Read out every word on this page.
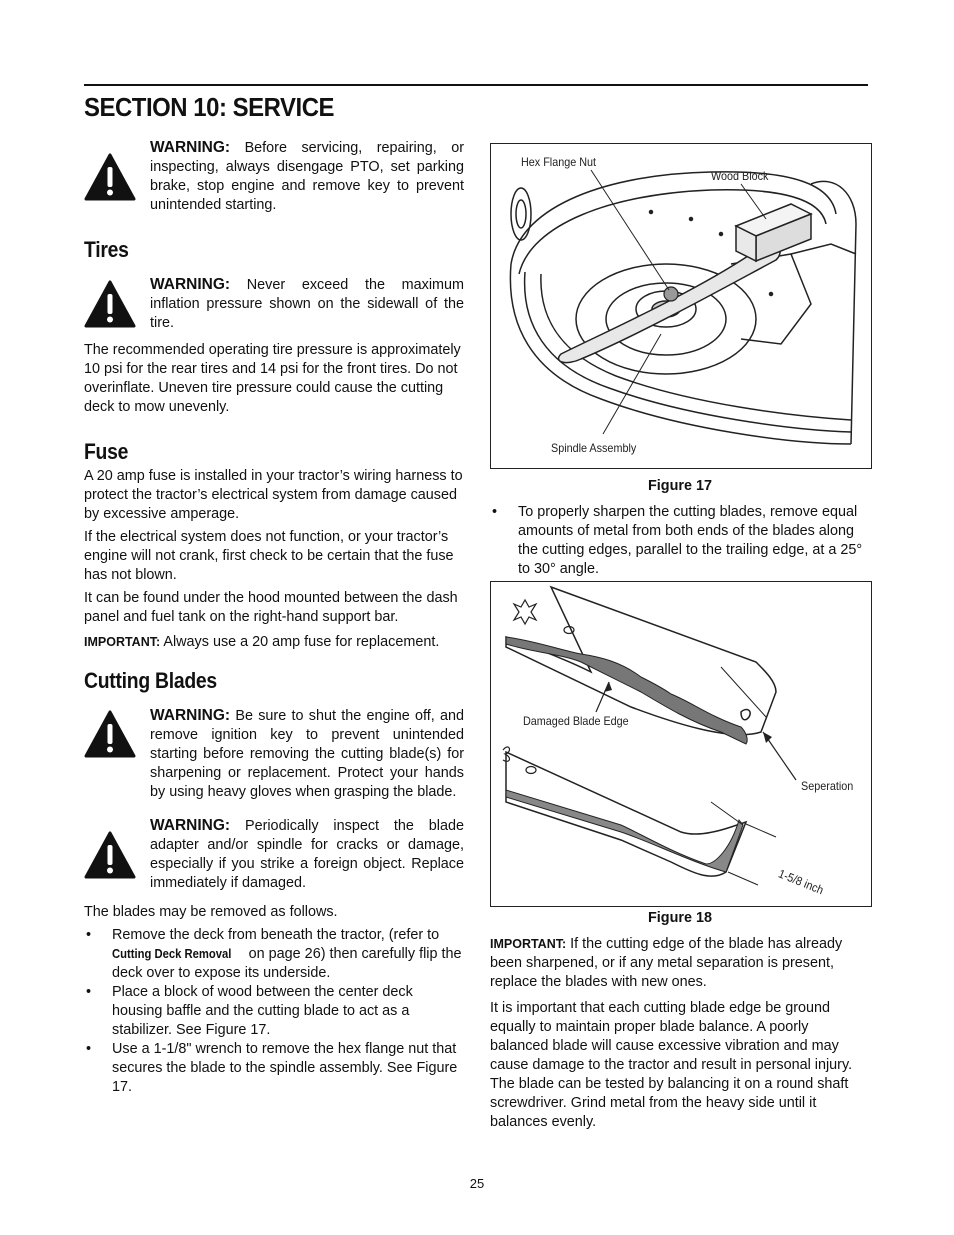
SECTION 10: SERVICE
WARNING: Before servicing, repairing, or inspecting, always disengage PTO, set parking brake, stop engine and remove key to prevent unintended starting.
Tires
WARNING: Never exceed the maximum inflation pressure shown on the sidewall of the tire.

The recommended operating tire pressure is approximately 10 psi for the rear tires and 14 psi for the front tires. Do not overinflate. Uneven tire pressure could cause the cutting deck to mow unevenly.

Fuse

A 20 amp fuse is installed in your tractor’s wiring harness to protect the tractor’s electrical system from damage caused by excessive amperage.

If the electrical system does not function, or your tractor’s engine will not crank, first check to be certain that the fuse has not blown.

It can be found under the hood mounted between the dash panel and fuel tank on the right-hand support bar.

IMPORTANT: Always use a 20 amp fuse for replacement.

Cutting Blades
WARNING: Be sure to shut the engine off, and remove ignition key to prevent unintended starting before removing the cutting blade(s) for sharpening or replacement. Protect your hands by using heavy gloves when grasping the blade.
WARNING: Periodically inspect the blade adapter and/or spindle for cracks or damage, especially if you strike a foreign object. Replace immediately if damaged.

The blades may be removed as follows.

• Remove the deck from beneath the tractor, (refer to Cutting Deck Removal on page 26) then carefully flip the deck over to expose its underside.
• Place a block of wood between the center deck housing baffle and the cutting blade to act as a stabilizer. See Figure 17.
• Use a 1-1/8" wrench to remove the hex flange nut that secures the blade to the spindle assembly. See Figure 17.
Hex Flange Nut
Wood Block
Spindle Assembly
Figure 17
• To properly sharpen the cutting blades, remove equal amounts of metal from both ends of the blades along the cutting edges, parallel to the trailing edge, at a 25° to 30° angle.
Damaged Blade Edge
Seperation
1-5/8 inch
Figure 18

IMPORTANT: If the cutting edge of the blade has already been sharpened, or if any metal separation is present, replace the blades with new ones.

It is important that each cutting blade edge be ground equally to maintain proper blade balance. A poorly balanced blade will cause excessive vibration and may cause damage to the tractor and result in personal injury. The blade can be tested by balancing it on a round shaft screwdriver. Grind metal from the heavy side until it balances evenly.

25
